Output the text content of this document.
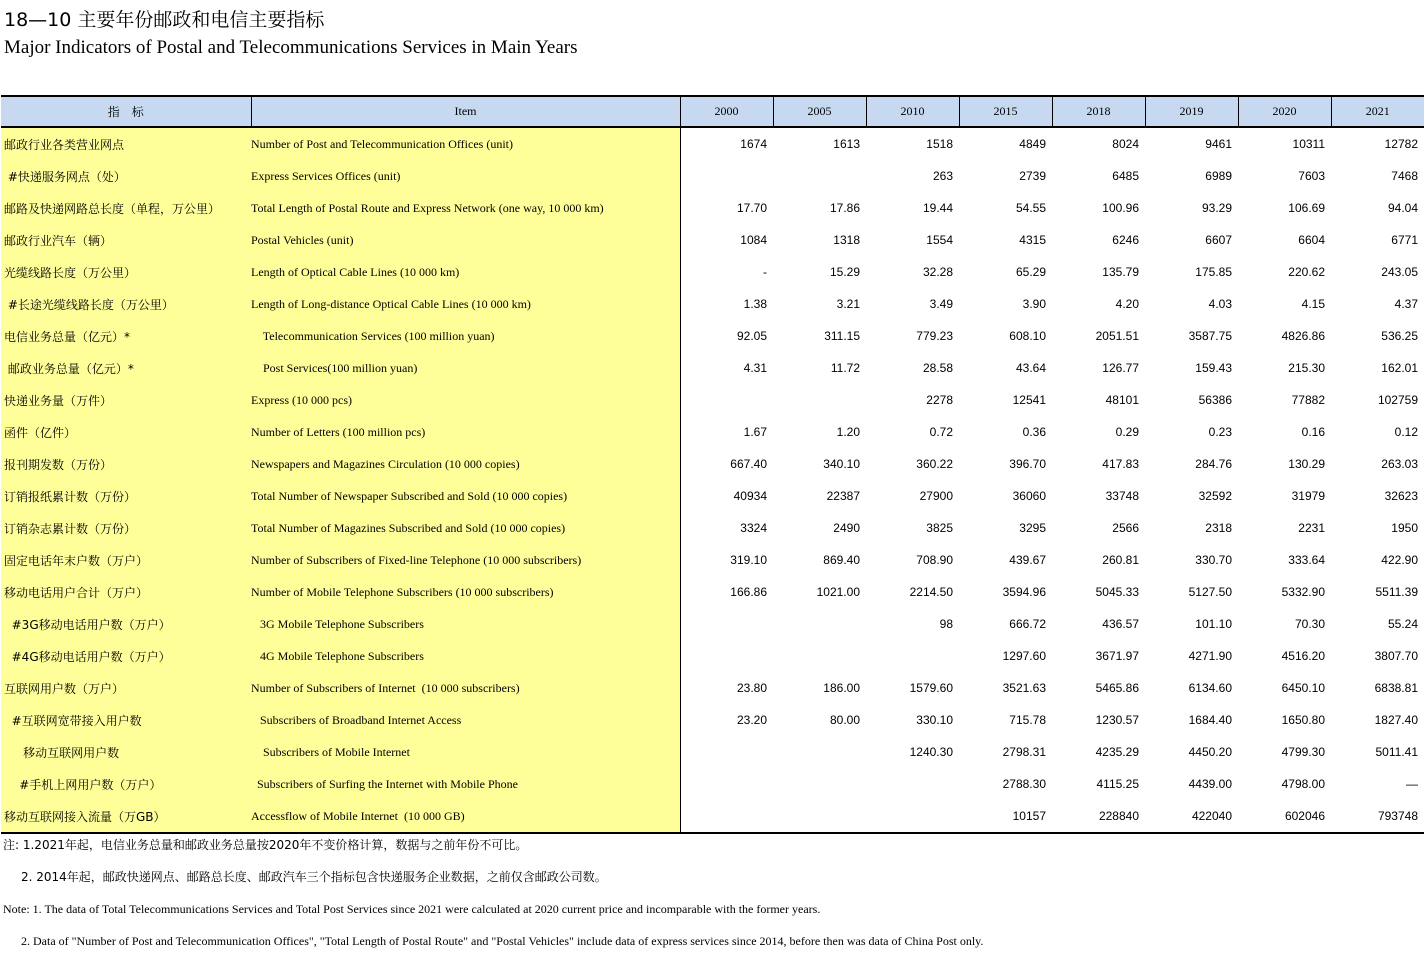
18—10 主要年份邮政和电信主要指标
Major Indicators of Postal and Telecommunications Services in Main Years
指　标	Item	2000	2005	2010	2015	2018	2019	2020	2021
邮政行业各类营业网点	Number of Post and Telecommunication Offices (unit)	1674	1613	1518	4849	8024	9461	10311	12782
#快递服务网点（处）	Express Services Offices (unit)			263	2739	6485	6989	7603	7468
邮路及快递网路总长度（单程，万公里）	Total Length of Postal Route and Express Network (one way, 10 000 km)	17.70	17.86	19.44	54.55	100.96	93.29	106.69	94.04
邮政行业汽车（辆）	Postal Vehicles (unit)	1084	1318	1554	4315	6246	6607	6604	6771
光缆线路长度（万公里）	Length of Optical Cable Lines (10 000 km)	-	15.29	32.28	65.29	135.79	175.85	220.62	243.05
#长途光缆线路长度（万公里）	Length of Long-distance Optical Cable Lines (10 000 km)	1.38	3.21	3.49	3.90	4.20	4.03	4.15	4.37
电信业务总量（亿元）*	Telecommunication Services (100 million yuan)	92.05	311.15	779.23	608.10	2051.51	3587.75	4826.86	536.25
邮政业务总量（亿元）*	Post Services(100 million yuan)	4.31	11.72	28.58	43.64	126.77	159.43	215.30	162.01
快递业务量（万件）	Express (10 000 pcs)			2278	12541	48101	56386	77882	102759
函件（亿件）	Number of Letters (100 million pcs)	1.67	1.20	0.72	0.36	0.29	0.23	0.16	0.12
报刊期发数（万份）	Newspapers and Magazines Circulation (10 000 copies)	667.40	340.10	360.22	396.70	417.83	284.76	130.29	263.03
订销报纸累计数（万份）	Total Number of Newspaper Subscribed and Sold (10 000 copies)	40934	22387	27900	36060	33748	32592	31979	32623
订销杂志累计数（万份）	Total Number of Magazines Subscribed and Sold (10 000 copies)	3324	2490	3825	3295	2566	2318	2231	1950
固定电话年末户数（万户）	Number of Subscribers of Fixed-line Telephone (10 000 subscribers)	319.10	869.40	708.90	439.67	260.81	330.70	333.64	422.90
移动电话用户合计（万户）	Number of Mobile Telephone Subscribers (10 000 subscribers)	166.86	1021.00	2214.50	3594.96	5045.33	5127.50	5332.90	5511.39
#3G移动电话用户数（万户）	3G Mobile Telephone Subscribers			98	666.72	436.57	101.10	70.30	55.24
#4G移动电话用户数（万户）	4G Mobile Telephone Subscribers				1297.60	3671.97	4271.90	4516.20	3807.70
互联网用户数（万户）	Number of Subscribers of Internet  (10 000 subscribers)	23.80	186.00	1579.60	3521.63	5465.86	6134.60	6450.10	6838.81
#互联网宽带接入用户数	Subscribers of Broadband Internet Access	23.20	80.00	330.10	715.78	1230.57	1684.40	1650.80	1827.40
移动互联网用户数	Subscribers of Mobile Internet			1240.30	2798.31	4235.29	4450.20	4799.30	5011.41
#手机上网用户数（万户）	Subscribers of Surfing the Internet with Mobile Phone				2788.30	4115.25	4439.00	4798.00	—
移动互联网接入流量（万GB）	Accessflow of Mobile Internet  (10 000 GB)				10157	228840	422040	602046	793748
注: 1.2021年起，电信业务总量和邮政业务总量按2020年不变价格计算，数据与之前年份不可比。
2. 2014年起，邮政快递网点、邮路总长度、邮政汽车三个指标包含快递服务企业数据，之前仅含邮政公司数。
Note: 1. The data of Total Telecommunications Services and Total Post Services since 2021 were calculated at 2020 current price and incomparable with the former years.
2. Data of "Number of Post and Telecommunication Offices", "Total Length of Postal Route" and "Postal Vehicles" include data of express services since 2014, before then was data of China Post only.
